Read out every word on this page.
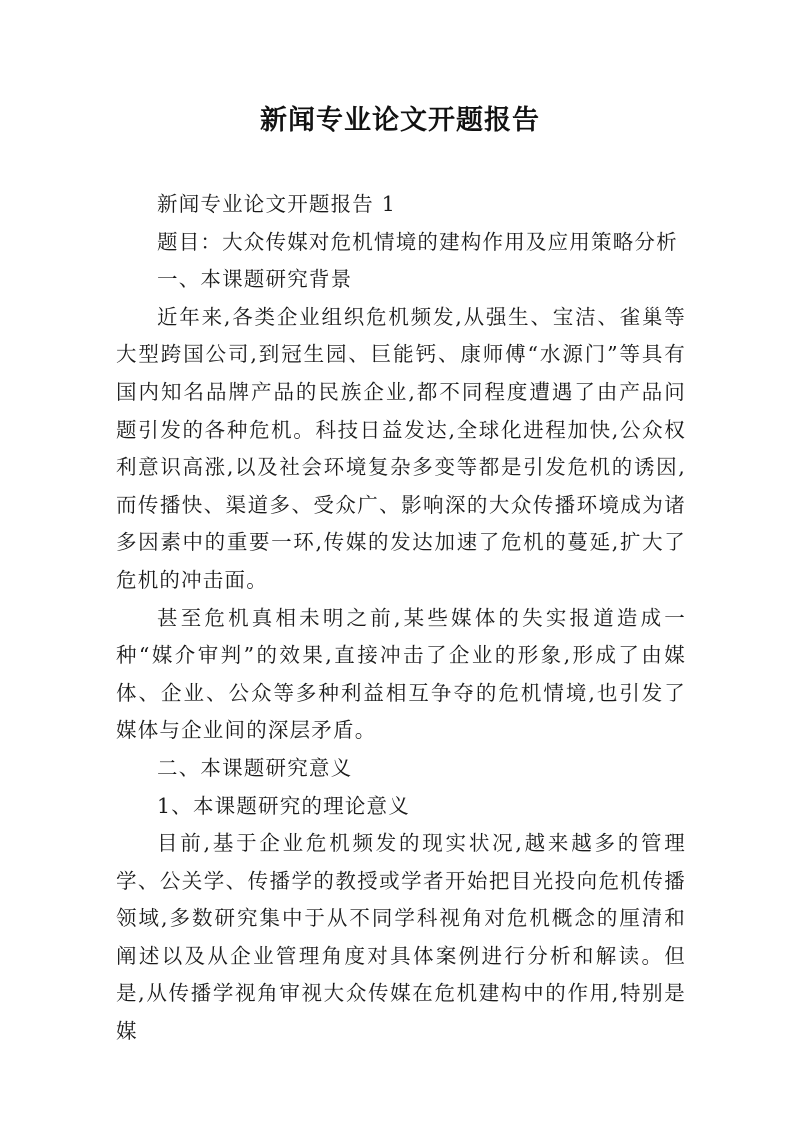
新闻专业论文开题报告

新闻专业论文开题报告 1

题目：大众传媒对危机情境的建构作用及应用策略分析

一、本课题研究背景

近年来,各类企业组织危机频发,从强生、宝洁、雀巢等大型跨国公司,到冠生园、巨能钙、康师傅“水源门”等具有国内知名品牌产品的民族企业,都不同程度遭遇了由产品问题引发的各种危机。科技日益发达,全球化进程加快,公众权利意识高涨,以及社会环境复杂多变等都是引发危机的诱因,而传播快、渠道多、受众广、影响深的大众传播环境成为诸多因素中的重要一环,传媒的发达加速了危机的蔓延,扩大了危机的冲击面。

甚至危机真相未明之前,某些媒体的失实报道造成一种“媒介审判”的效果,直接冲击了企业的形象,形成了由媒体、企业、公众等多种利益相互争夺的危机情境,也引发了媒体与企业间的深层矛盾。

二、本课题研究意义

1、本课题研究的理论意义

目前,基于企业危机频发的现实状况,越来越多的管理学、公关学、传播学的教授或学者开始把目光投向危机传播领域,多数研究集中于从不同学科视角对危机概念的厘清和阐述以及从企业管理角度对具体案例进行分析和解读。但是,从传播学视角审视大众传媒在危机建构中的作用,特别是媒
